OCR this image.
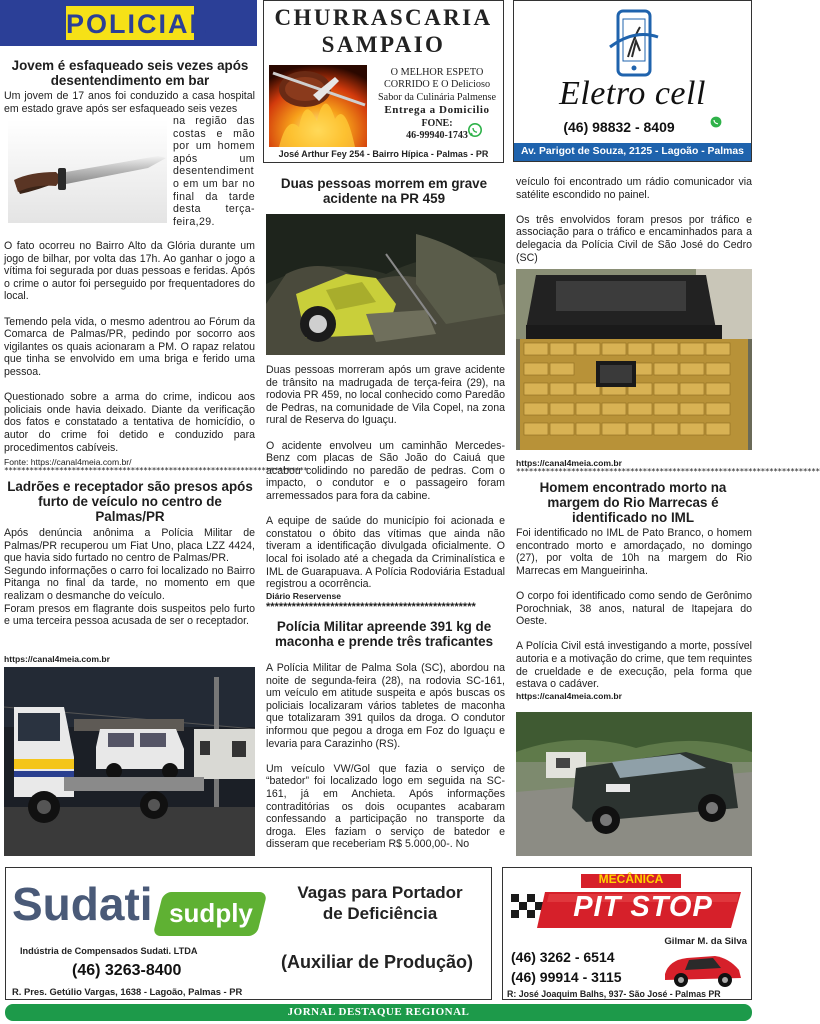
POLICIAL
Jovem é esfaqueado seis vezes após desentendimento em bar
Um jovem de 17 anos foi conduzido a casa hospital em estado grave após ser esfaqueado seis vezes
na região das costas e mão por um homem após um desentendiment o em um bar no final da tarde desta terça-feira,29.

O fato ocorreu no Bairro Alto da Glória durante um jogo de bilhar, por volta das 17h. Ao ganhar o jogo a vítima foi segurada por duas pessoas e feridas. Após o crime o autor foi perseguido por frequentadores do local.

Temendo pela vida, o mesmo adentrou ao Fórum da Comarca de Palmas/PR, pedindo por socorro aos vigilantes os quais acionaram a PM. O rapaz relatou que tinha se envolvido em uma briga e ferido uma pessoa.

Questionado sobre a arma do crime, indicou aos policiais onde havia deixado. Diante da verificação dos fatos e constatado a tentativa de homicídio, o autor do crime foi detido e conduzido para procedimentos cabíveis.

Fonte: https://canal4meia.com.br/
************************************************************************
Ladrões e receptador são presos após furto de veículo no centro de Palmas/PR

Após denúncia anônima a Polícia Militar de Palmas/PR recuperou um Fiat Uno, placa LZZ 4424, que havia sido furtado no centro de Palmas/PR.

Segundo informações o carro foi localizado no Bairro Pitanga no final da tarde, no momento em que realizam o desmanche do veículo.

Foram presos em flagrante dois suspeitos pelo furto e uma terceira pessoa acusada de ser o receptador.

https://canal4meia.com.br
CHURRASCARIA
SAMPAIO
O MELHOR ESPETO
CORRIDO E O Delicioso
Sabor da Culinária Palmense
Entrega a Domicilio
FONE:
46-99940-1743
José Arthur Fey 254 - Bairro Hípica - Palmas - PR
Duas pessoas morrem em grave acidente na PR 459

Duas pessoas morreram após um grave acidente de trânsito na madrugada de terça-feira (29), na rodovia PR 459, no local conhecido como Paredão de Pedras, na comunidade de Vila Copel, na zona rural de Reserva do Iguaçu.

O acidente envolveu um caminhão Mercedes-Benz com placas de São João do Caiuá que acabou colidindo no paredão de pedras. Com o impacto, o condutor e o passageiro foram arremessados para fora da cabine.

A equipe de saúde do município foi acionada e constatou o óbito das vítimas que ainda não tiveram a identificação divulgada oficialmente. O local foi isolado até a chegada da Criminalística e IML de Guarapuava. A Polícia Rodoviária Estadual registrou a ocorrência.

Diário Reservense
*************************************************
Polícia Militar apreende 391 kg de maconha e prende três traficantes

A Polícia Militar de Palma Sola (SC), abordou na noite de segunda-feira (28), na rodovia SC-161, um veículo em atitude suspeita e após buscas os policiais localizaram vários tabletes de maconha que totalizaram 391 quilos da droga. O condutor informou que pegou a droga em Foz do Iguaçu e levaria para Carazinho (RS).

Um veículo VW/Gol que fazia o serviço de “batedor” foi localizado logo em seguida na SC-161, já em Anchieta. Após informações contraditórias os dois ocupantes acabaram confessando a participação no transporte da droga. Eles faziam o serviço de batedor e disseram que receberiam R$ 5.000,00-. No

Eletro cell
(46) 98832 - 8409
Av. Parigot de Souza, 2125 - Lagoão - Palmas PR

veículo foi encontrado um rádio comunicador via satélite escondido no painel.

Os três envolvidos foram presos por tráfico e associação para o tráfico e encaminhados para a delegacia da Polícia Civil de São José do Cedro (SC)

https://canal4meia.com.br
************************************************************************
Homem encontrado morto na margem do Rio Marrecas é identificado no IML

Foi identificado no IML de Pato Branco, o homem encontrado morto e amordaçado, no domingo (27), por volta de 10h na margem do Rio Marrecas em Mangueirinha.

O corpo foi identificado como sendo de Gerônimo Porochniak, 38 anos, natural de Itapejara do Oeste.

A Polícia Civil está investigando a morte, possível autoria e a motivação do crime, que tem requintes de crueldade e de execução, pela forma que estava o cadáver.

https://canal4meia.com.br
Sudati sudply
Indústria de Compensados Sudati. LTDA
(46) 3263-8400
R. Pres. Getúlio Vargas, 1638 - Lagoão, Palmas - PR
Vagas para Portador
de Deficiência
(Auxiliar de Produção)
MECÂNICA
PIT STOP
Gilmar M. da Silva
(46) 3262 - 6514
(46) 99914 - 3115
R: José Joaquim Balhs, 937- São José - Palmas PR
JORNAL DESTAQUE REGIONAL
